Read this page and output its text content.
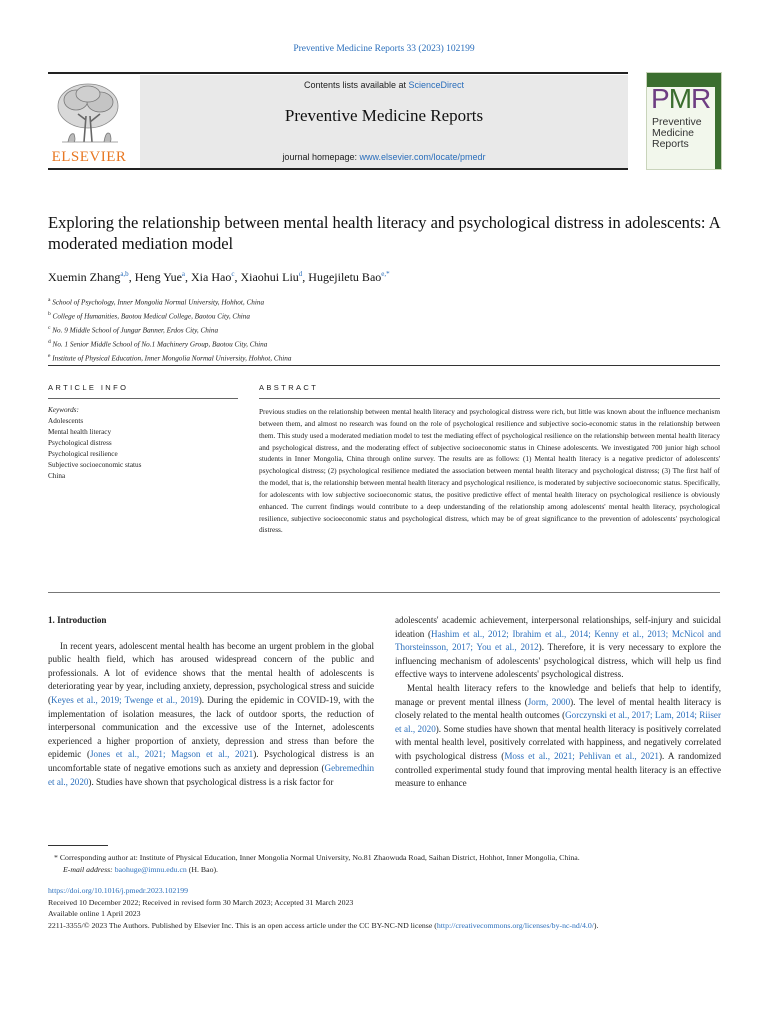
Preventive Medicine Reports 33 (2023) 102199
ELSEVIER
Contents lists available at ScienceDirect
Preventive Medicine Reports
journal homepage: www.elsevier.com/locate/pmedr
PMR
Preventive
Medicine
Reports
Exploring the relationship between mental health literacy and psychological distress in adolescents: A moderated mediation model
Xuemin Zhang$^{a,b}$, Heng Yue$^a$, Xia Hao$^c$, Xiaohui Liu$^d$, Hugejiletu Bao$^{e,*}$
$^a$ School of Psychology, Inner Mongolia Normal University, Hohhot, China
$^b$ College of Humanities, Baotou Medical College, Baotou City, China
$^c$ No. 9 Middle School of Jungar Banner, Erdos City, China
$^d$ No. 1 Senior Middle School of No.1 Machinery Group, Baotou City, China
$^e$ Institute of Physical Education, Inner Mongolia Normal University, Hohhot, China
ARTICLE INFO	ABSTRACT
Keywords:
Adolescents
Mental health literacy
Psychological distress
Psychological resilience
Subjective socioeconomic status
China
Previous studies on the relationship between mental health literacy and psychological distress were rich, but little was known about the influence mechanism between them, and almost no research was found on the role of psychological resilience and subjective socio-economic status in the relationship between them. This study used a moderated mediation model to test the mediating effect of psychological resilience on the relationship between mental health literacy and psychological distress, and the moderating effect of subjective socioeconomic status in Chinese adolescents. We investigated 700 junior high school students in Inner Mongolia, China through online survey. The results are as follows: (1) Mental health literacy is a negative predictor of adolescents' psychological distress; (2) psychological resilience mediated the association between mental health literacy and psychological distress; (3) The first half of the model, that is, the relationship between mental health literacy and psychological resilience, is moderated by subjective socioeconomic status. Specifically, for adolescents with low subjective socioeconomic status, the positive predictive effect of mental health literacy on psychological resilience is obviously enhanced. The current findings would contribute to a deep understanding of the relationship among adolescents' mental health literacy, psychological resilience, subjective socioeconomic status and psychological distress, which may be of great significance to the prevention of adolescents' psychological distress.
1. Introduction

In recent years, adolescent mental health has become an urgent problem in the global public health field, which has aroused widespread concern of the public and professionals. A lot of evidence shows that the mental health of adolescents is deteriorating year by year, including anxiety, depression, psychological stress and suicide (Keyes et al., 2019; Twenge et al., 2019). During the epidemic in COVID-19, with the implementation of isolation measures, the lack of outdoor sports, the reduction of interpersonal communication and the excessive use of the Internet, adolescents experienced a higher proportion of anxiety, depression and stress than before the epidemic (Jones et al., 2021; Magson et al., 2021). Psychological distress is an uncomfortable state of negative emotions such as anxiety and depression (Gebremedhin et al., 2020). Studies have shown that psychological distress is a risk factor for

adolescents' academic achievement, interpersonal relationships, self-injury and suicidal ideation (Hashim et al., 2012; Ibrahim et al., 2014; Kenny et al., 2013; McNicol and Thorsteinsson, 2017; You et al., 2012). Therefore, it is very necessary to explore the influencing mechanism of adolescents' psychological distress, which will help us find effective ways to intervene adolescents' psychological distress.

Mental health literacy refers to the knowledge and beliefs that help to identify, manage or prevent mental illness (Jorm, 2000). The level of mental health literacy is closely related to the mental health outcomes (Gorczynski et al., 2017; Lam, 2014; Riiser et al., 2020). Some studies have shown that mental health literacy is positively correlated with mental health level, positively correlated with happiness, and negatively correlated with psychological distress (Moss et al., 2021; Pehlivan et al., 2021). A randomized controlled experimental study found that improving mental health literacy is an effective measure to enhance

* Corresponding author at: Institute of Physical Education, Inner Mongolia Normal University, No.81 Zhaowuda Road, Saihan District, Hohhot, Inner Mongolia, China.
E-mail address: baohuge@imnu.edu.cn (H. Bao).
https://doi.org/10.1016/j.pmedr.2023.102199
Received 10 December 2022; Received in revised form 30 March 2023; Accepted 31 March 2023
Available online 1 April 2023
2211-3355/© 2023 The Authors. Published by Elsevier Inc. This is an open access article under the CC BY-NC-ND license (http://creativecommons.org/licenses/by-nc-nd/4.0/).
